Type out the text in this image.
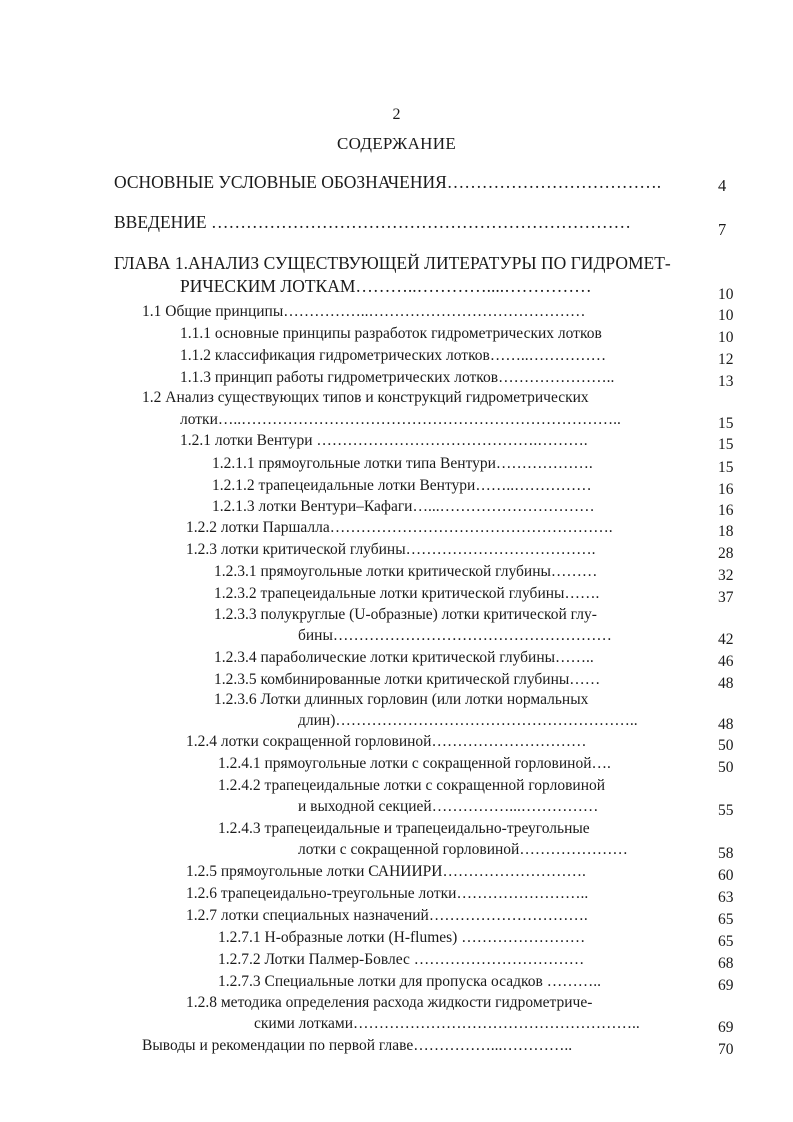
2
СОДЕРЖАНИЕ
ОСНОВНЫЕ УСЛОВНЫЕ ОБОЗНАЧЕНИЯ……………………………….	4
ВВЕДЕНИЕ ………………………………………………………………	7
ГЛАВА 1.АНАЛИЗ СУЩЕСТВУЮЩЕЙ ЛИТЕРАТУРЫ ПО ГИДРОМЕТ-
РИЧЕСКИМ ЛОТКАМ………..…………....……………	10
1.1 Общие принципы……………..……………………………………	10
1.1.1 основные принципы разработок гидрометрических лотков	10
1.1.2 классификация гидрометрических лотков……..……………	12
1.1.3 принцип работы гидрометрических лотков…………………..	13
1.2 Анализ существующих типов и конструкций гидрометрических
лотки…..………………………………………………………………..	15
1.2.1 лотки Вентури …………………………………….……….	15
1.2.1.1 прямоугольные лотки типа Вентури……………….	15
1.2.1.2 трапецеидальные лотки Вентури……..……………	16
1.2.1.3 лотки Вентури–Кафаги…...…………………………	16
1.2.2 лотки Паршалла……………………………………………….	18
1.2.3 лотки критической глубины……………………………….	28
1.2.3.1 прямоугольные лотки критической глубины………	32
1.2.3.2 трапецеидальные лотки критической глубины…….	37
1.2.3.3 полукруглые (U-образные) лотки критической глу-
бины………………………………………………	42
1.2.3.4 параболические лотки критической глубины……..	46
1.2.3.5 комбинированные лотки критической глубины……	48
1.2.3.6 Лотки длинных горловин (или лотки нормальных
длин)…………………………………………………..	48
1.2.4 лотки сокращенной горловиной…………………………	50
1.2.4.1 прямоугольные лотки с сокращенной горловиной….	50
1.2.4.2 трапецеидальные лотки с сокращенной горловиной
и выходной секцией……………...……………	55
1.2.4.3 трапецеидальные и трапецеидально-треугольные
лотки с сокращенной горловиной…………………	58
1.2.5 прямоугольные лотки САНИИРИ……………………….	60
1.2.6 трапецеидально-треугольные лотки……………………..	63
1.2.7 лотки специальных назначений………………………….	65
1.2.7.1 Н-образные лотки (H-flumes) ……………………	65
1.2.7.2 Лотки Палмер-Бовлес ……………………………	68
1.2.7.3 Специальные лотки для пропуска осадков ………..	69
1.2.8 методика определения расхода жидкости гидрометриче-
скими лотками………………………………………………..	69
Выводы и рекомендации по первой главе……………...…………..	70
